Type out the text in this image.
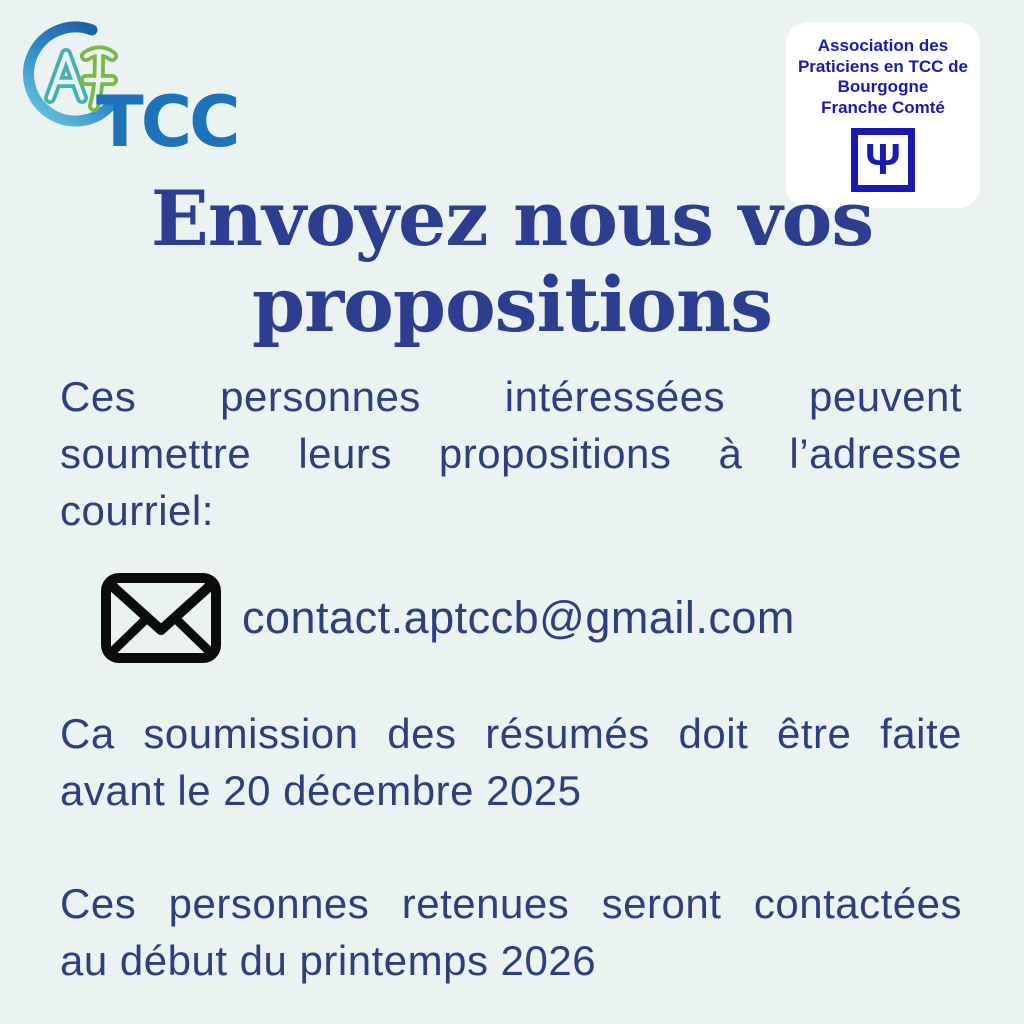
TCC
Association des
Praticiens en TCC de
Bourgogne
Franche Comté
Ψ
Envoyez nous vos
propositions
Ces personnes intéressées peuvent
soumettre leurs propositions à l’adresse
courriel:
contact.aptccb@gmail.com
Ca soumission des résumés doit être faite
avant le 20 décembre 2025
Ces personnes retenues seront contactées
au début du printemps 2026
